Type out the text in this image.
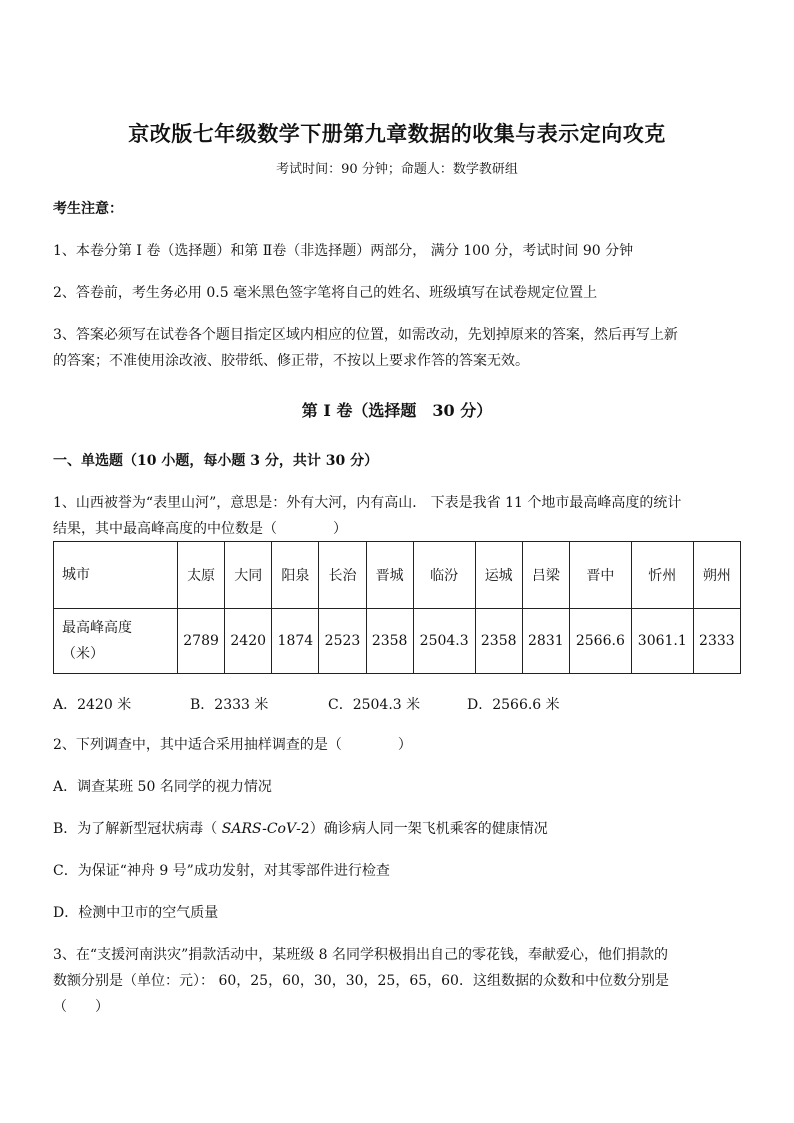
京改版七年级数学下册第九章数据的收集与表示定向攻克
考试时间：90 分钟；命题人：数学教研组
考生注意：
1、本卷分第 I 卷（选择题）和第 Ⅱ卷（非选择题）两部分， 满分 100 分，考试时间 90 分钟
2、答卷前，考生务必用 0.5 毫米黑色签字笔将自己的姓名、班级填写在试卷规定位置上
3、答案必须写在试卷各个题目指定区域内相应的位置，如需改动，先划掉原来的答案，然后再写上新
的答案；不准使用涂改液、胶带纸、修正带，不按以上要求作答的答案无效。
第 I 卷（选择题　30 分）
一、单选题（10 小题，每小题 3 分，共计 30 分）
1、山西被誉为“表里山河”，意思是：外有大河，内有高山． 下表是我省 11 个地市最高峰高度的统计
结果，其中最高峰高度的中位数是（　　　　）
城市	太原	大同	阳泉	长治	晋城	临汾	运城	吕梁	晋中	忻州	朔州

最高峰高度
（米）	2789	2420	1874	2523	2358	2504.3	2358	2831	2566.6	3061.1	2333
A．2420 米	B．2333 米	C．2504.3 米	D．2566.6 米
2、下列调查中，其中适合采用抽样调查的是（　　　　）
A．调查某班 50 名同学的视力情况
B．为了解新型冠状病毒（ SARS-CoV-2）确诊病人同一架飞机乘客的健康情况
C．为保证“神舟 9 号”成功发射，对其零部件进行检查
D．检测中卫市的空气质量
3、在“支援河南洪灾”捐款活动中，某班级 8 名同学积极捐出自己的零花钱，奉献爱心，他们捐款的
数额分别是（单位：元）： 60，25，60，30，30，25，65，60．这组数据的众数和中位数分别是
（　　）
